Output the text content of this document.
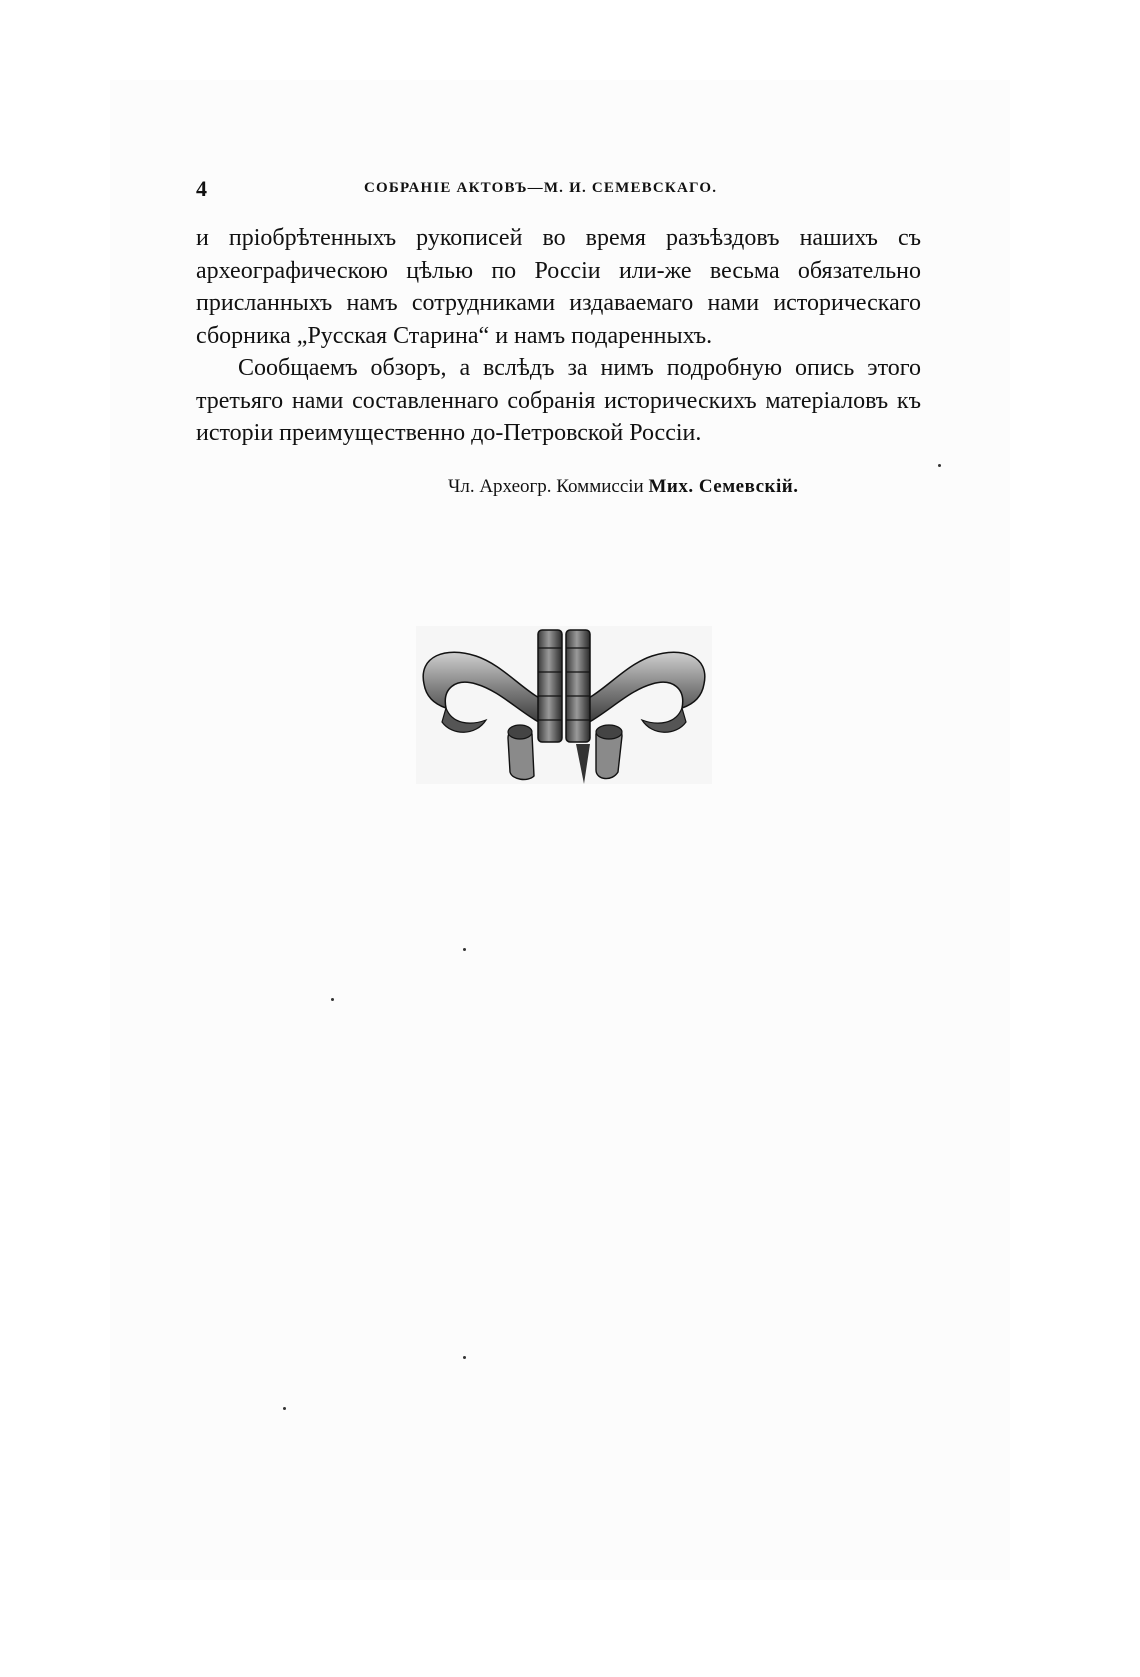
4	СОБРАНІЕ АКТОВЪ—М. И. СЕМЕВСКАГО.

и пріобрѣтенныхъ рукописей во время разъѣздовъ нашихъ съ археографическою цѣлью по Россіи или-же весьма обязательно присланныхъ намъ сотрудниками издаваемаго нами историческаго сборника „Русская Старина“ и намъ подаренныхъ.

Сообщаемъ обзоръ, а вслѣдъ за нимъ подробную опись этого третьяго нами составленнаго собранія историческихъ матеріаловъ къ исторіи преимущественно до-Петровской Россіи.

Чл. Археогр. Коммиссіи Мих. Семевскій.
